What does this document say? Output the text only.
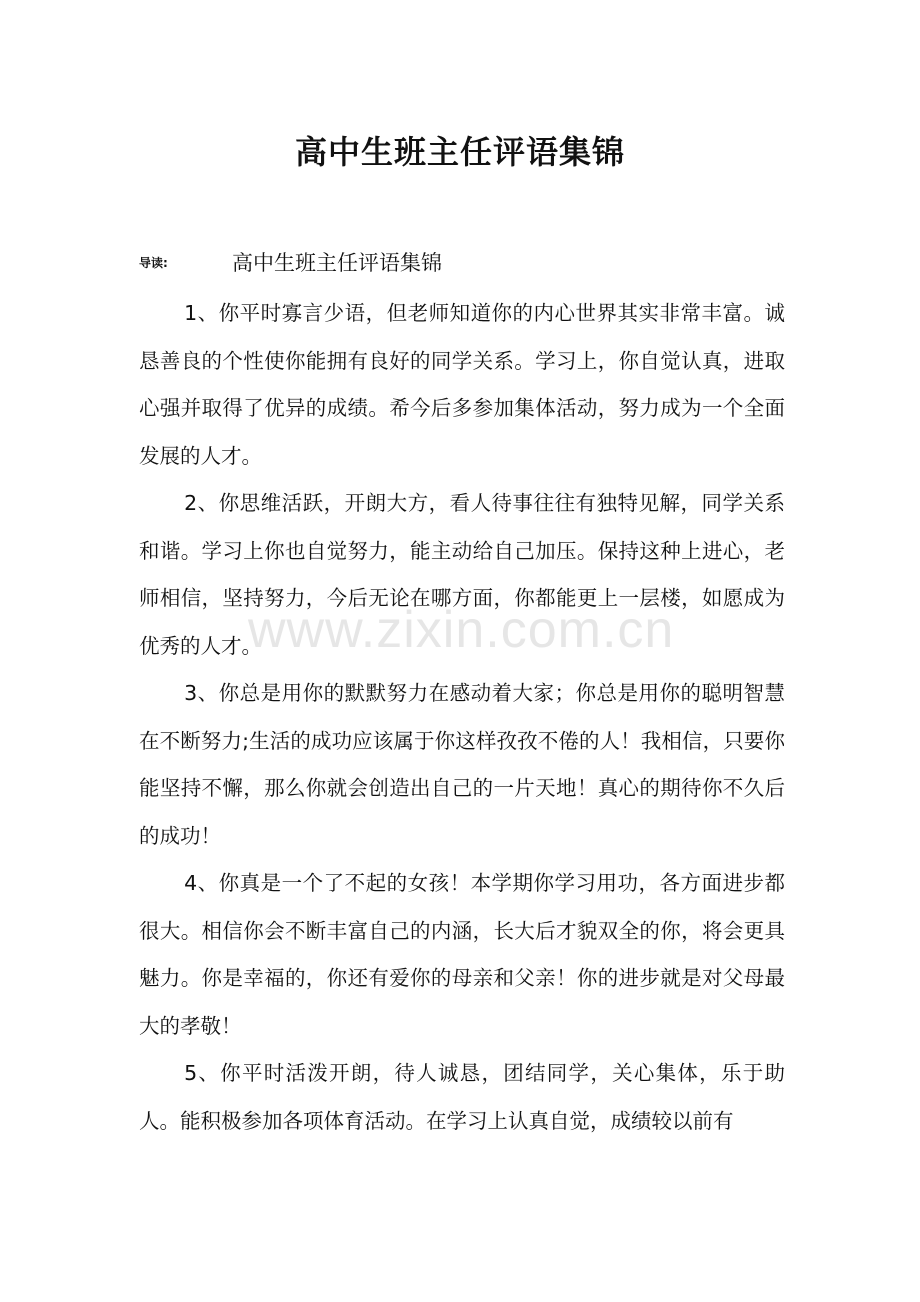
www.zixin.com.cn
高中生班主任评语集锦
导读:	高中生班主任评语集锦

1、你平时寡言少语，但老师知道你的内心世界其实非常丰富。诚恳善良的个性使你能拥有良好的同学关系。学习上，你自觉认真，进取心强并取得了优异的成绩。希今后多参加集体活动，努力成为一个全面发展的人才。

2、你思维活跃，开朗大方，看人待事往往有独特见解，同学关系和谐。学习上你也自觉努力，能主动给自己加压。保持这种上进心，老师相信，坚持努力，今后无论在哪方面，你都能更上一层楼，如愿成为优秀的人才。

3、你总是用你的默默努力在感动着大家；你总是用你的聪明智慧在不断努力;生活的成功应该属于你这样孜孜不倦的人！我相信，只要你能坚持不懈，那么你就会创造出自己的一片天地！真心的期待你不久后的成功！

4、你真是一个了不起的女孩！本学期你学习用功，各方面进步都很大。相信你会不断丰富自己的内涵，长大后才貌双全的你，将会更具魅力。你是幸福的，你还有爱你的母亲和父亲！你的进步就是对父母最大的孝敬！

5、你平时活泼开朗，待人诚恳，团结同学，关心集体，乐于助人。能积极参加各项体育活动。在学习上认真自觉，成绩较以前有
